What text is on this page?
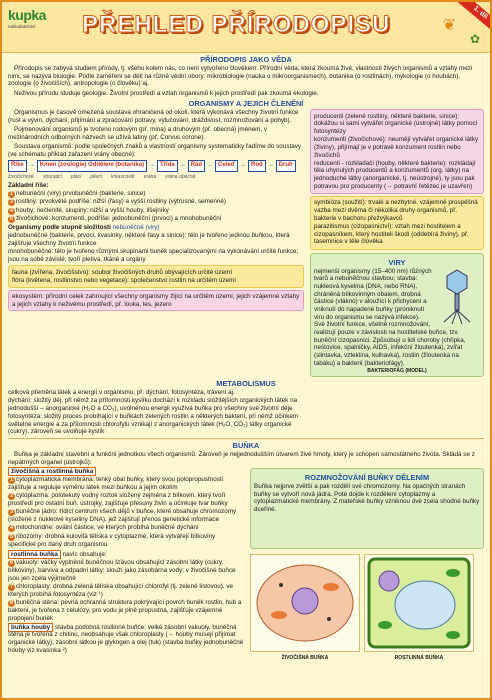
kupka
nakladatelství	PŘEHLED PŘÍRODOPISU	❦
✿
1. díl
PŘÍRODOPIS JAKO VĚDA

Přírodopis se zabývá studiem přírody, tj. všeho kolem nás, co není vytvořeno člověkem. Přírodní věda, která zkoumá živé, vlastnosti živých organismů a vztahy mezi nimi, se nazývá biologie. Podle zaměření se dělí na různé vědní obory: mikrobiologie (nauka o mikroorganismech), botanika (o rostlinách), mykologie (o houbách), zoologie (o živočiších), antropologie (o člověku) aj.

Neživou přírodu studuje geologie. Životní prostředí a vztah organismů k jejich prostředí pak zkoumá ekologie.

ORGANISMY A JEJICH ČLENĚNÍ

Organismus je časově omezená soustava ohraničená od okolí, která vykonává všechny životní funkce (rust a vývin, dýchání, přijímání a zpracování potravy, vylučování, dráždivost, rozmnožování a pohyb).

Pojmenování organismů je tvořeno rodovým (př. mina) a druhovým (př. obecná) jménem, v mezinárodních odborných názvech se užívá latiny (př. Corvus corone).

Soustava organismů: podle společných znaků a vlastností organismy systematicky řadíme do soustavy (ve schématu příklad zařazení vrány obecné):

Říše → Kmen (zoologie) Oddělení (botanika) → Třída → Řád → Čeleď → Rod → Druh
živočichové strunatci ptáci pěvci krkavcovití vrána vrána obecná
Základní říše:
1 nebuněční (viry) prvobuněční (bakterie, sinice)
3 rostliny: prvokvěté podříše: nižší (řasy) a vyšší rostliny (výtrusné, semenné)
4 houby: nečlenité, skupiny: nižší a vyšší houby, lišejníky
5 živočichové: konzumenti, podříše: jednobuněční (prvoci) a mnohobuněční
Organismy podle stupně složitosti nebuněčné (viry)
jednobuněčné (bakterie, prvoci, kvasinky, některé řasy a sinice): tělo je tvořeno jedinou buňkou, která zajišťuje všechny životní funkce
mnohobuněčné: tělo je tvořeno různými skupinami buněk specializovanými na vykonávání určité funkce; jsou na sobě závislé; tvoří pletiva, tkáně a orgány
fauna (zvířena, živočišstvo): soubor živočišných druhů obývajících určité území
flóra (květena, rostlinstvo nebo vegetace): společenstvo rostlin na určitém území
ekosystém: přírodní celek zahrnující všechny organismy žijící na určitém území, jejich vzájemné vztahy a jejich vztahy k neživému prostředí, př. louka, les, jezero
producenti (zelené rostliny, některé bakterie, sinice): dokážou si sami vytvářet organické (ústrojné) látky pomocí fotosyntézy
konzumenti (živočichové): neumějí vytvářet organické látky (živiny), přijímají je v potravě konzument rostlin nebo živočichů
reducenti - rozkladači (houby, některé bakterie): rozkládají těla uhynulých producentů a konzumentů (org. látky) na jednoduché látky (anorganické, tj. neústrojné), ty jsou pak potravou pro producenty (→ potravní řetězec je uzavřen)
symbióza (soužití): trvalé a nezbytné, vzájemně prospěšná vazba mezi dvěma či několika druhy organismů, př. bakterie v bachoru přežvýkavců
parazitismus (cizopasnictví): vztah mezi hostitelem a cizopasníkem, který hostiteli škodí (oddebírá živiny), př. tasemnice v těle člověka
VIRY
nejmenší organismy (15–400 nm) různých tvarů a nebuněčnou stavbou; stavba: nukleová kyselina (DNA, nebo RNA), chráněná bílkovinným obalem, drobná částice (vlákno) v aloužící k přichycení a vniknutí do napadené buňky (proniknutí viru do organismu se nazývá infekce). Své životní funkce, včetně rozmnožování, realizují pouze v závislosti na hostitelské buňce, tzv. buněční cizopasníci. Způsobují u lidí choroby (chřipka, neštovice, spalničky, AIDS, infekční žloutenka), zvířat (slintavka, vzteklina, kulhavka), rostlin (žloutenka na tabáku) a bakterií (bakteriofágy).
BAKTERIOFÁG (MODEL)
METABOLISMUS
celková přeměna látek a energií v organismu, př. dýchání, fotosyntéza, trávení aj.
dýchání: složitý děj, při němž za přítomnosti kyslíku dochází k rozkladu složitějších organických látek na jednodušší – anorganické (H₂O a CO₂), uvolněnou energii využívá buňka pro všechny své životní děje
fotosyntéza: složitý proces probíhající v buňkách zelených rostlin a některých bakterií, při němž účinkem světelné energie a za přítomnosti chlorofylu vznikají z anorganických látek (H₂O, CO₂) látky organické (cukry), zároveň se uvolňuje kyslík
BUŇKA

Buňka je základní stavební a funkční jednotkou všech organismů. Zároveň je nejjednodušším útvarem živé hmoty, který je schopen samostatného života. Skládá se z nepatrných organel (ústrojků):

živočišná a rostlinná buňka
1 cytoplazmatická membrána: tenký obal buňky, který svou polopropustností zajišťuje a reguluje výměnu látek mezi buňkou a jejím okolím
2 cytoplazma: polotekutý vodný roztok složený zejména z bílkovin, který tvoří prostředí pro ostatní buň. ústrojky, zajišťuje přesuny živin a účinkuje tvar buňky
3 buněčné jádro: řídící centrum všech dějů v buňce, které obsahuje chromozómy (složené z nukleové kyseliny DNA), jež zajišťují přenos genetické informace
4 mitochondrie: ovální částice, ve kterých probíhá buněčné dýchání
5 ribozómy: drobná kulovitá tělíska v cytoplazmě, která vytvářejí bílkoviny specifické pro daný druh organismu
ROZMNOŽOVÁNÍ BUŇKY DĚLENÍM
Buňka nejprve zvětší a pak rozdělí své chromozomy. Na opačných stranách buňky se vytvoří nová jádra. Poté dojde k rozdělení cytoplazmy a cytoplazmatické membrány. Z mateřské buňky vzniknou dvě zcela shodné buňky dceřiné.
rostlinná buňka navíc obsahuje:
6 vakuoly: váčky vyplněné buněčnou šťávou obsahující zásobní látky (cukry, bílkoviny), barviva a odpadní látky; slouží jako zásobárna vody; v živočišné buňce jsou jen zcela výjimečně
7 chloroplasty: drobná zelená tělíska obsahující chlorofyl (tj. zelené listovou), ve kterých probíhá fotosyntéza (viz ¹)
8 buněčná stěna: pevná ochranná struktura pokrývající povrch buněk rostlin, hub a bakterií, je tvořena z celulózy, pro vodu je plně propustná, zajišťuje vzájemné propojení buněk
buňka houby stavba podobná rostlinné buňce: velké zásobní vakuoly, buněčná stěna je tvořena z chitinu, neobsahuje však chloroplasty (→ houby musejí přijímat organické látky), zásobní látkou je glykogen a olej (tuk) (stavba buňky jednobuněčné houby viz kvasinka ²)
ŽIVOČIŠNÁ BUŇKA	ROSTLINNÁ BUŇKA
